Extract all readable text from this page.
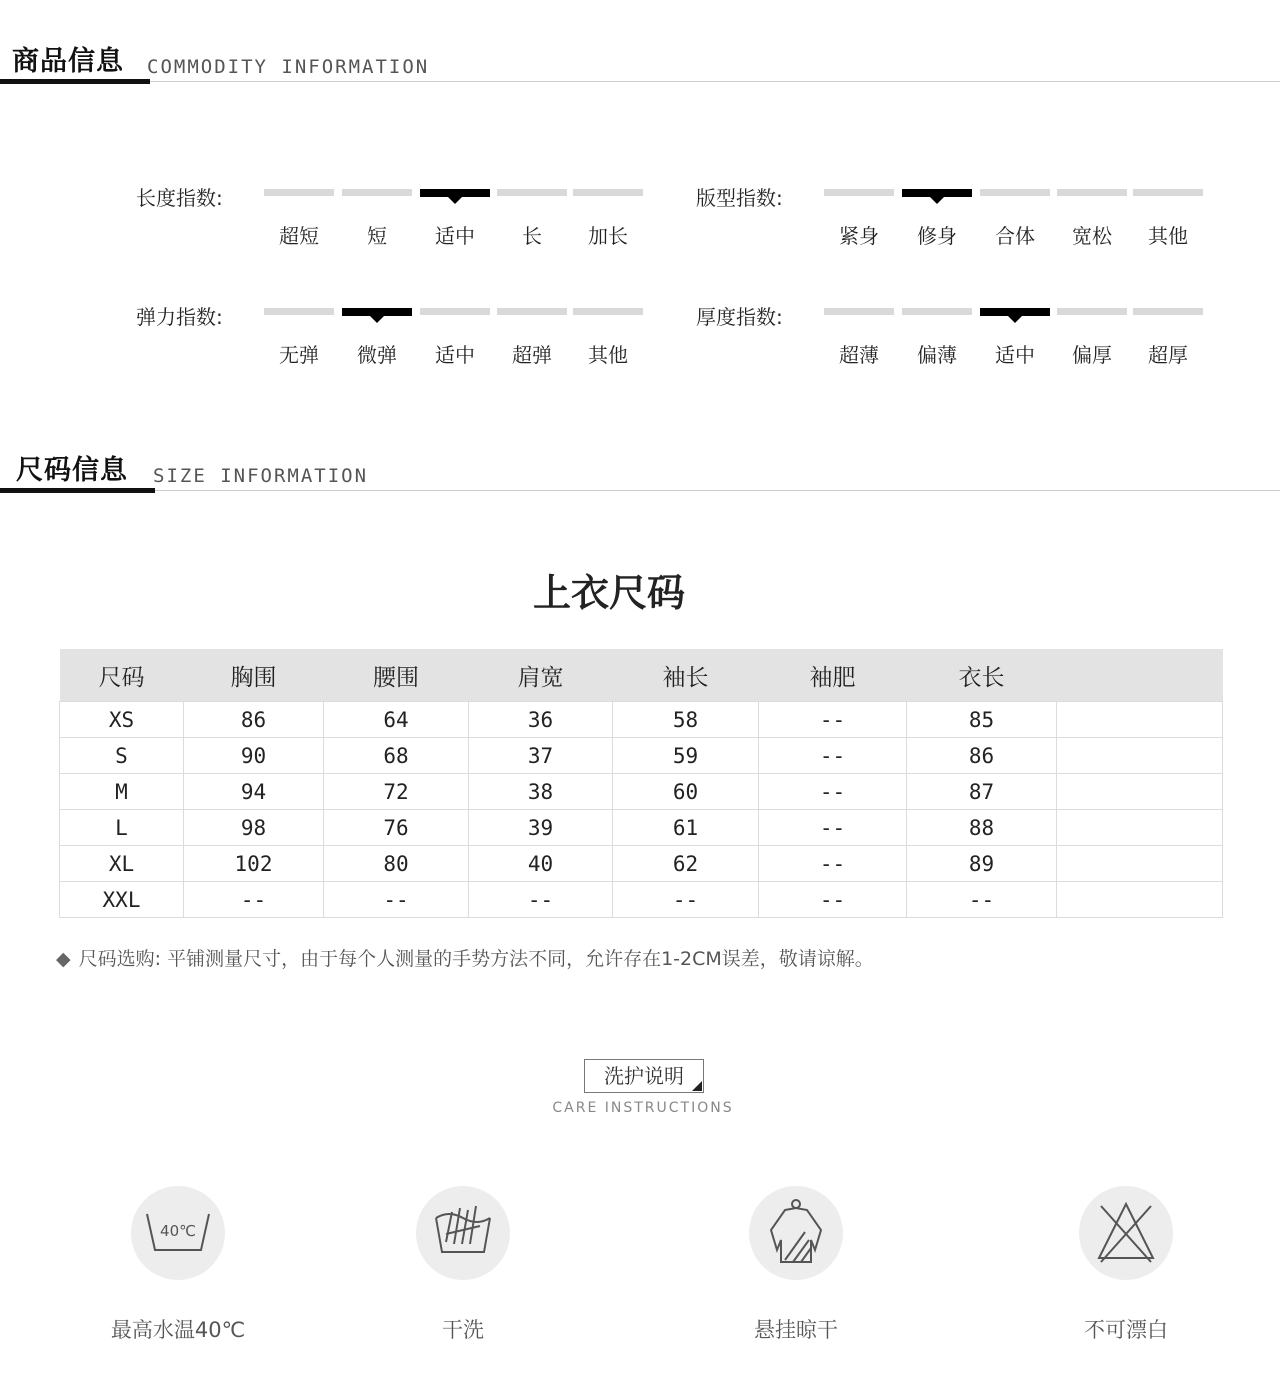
商品信息 COMMODITY INFORMATION
长度指数:
超短	短	适中	长	加长
版型指数:
紧身	修身	合体	宽松	其他
弹力指数:
无弹	微弹	适中	超弹	其他
厚度指数:
超薄	偏薄	适中	偏厚	超厚
尺码信息 SIZE INFORMATION
上衣尺码
尺码	胸围	腰围	肩宽	袖长	袖肥	衣长	
XS	86	64	36	58	--	85	
S	90	68	37	59	--	86	
M	94	72	38	60	--	87	
L	98	76	39	61	--	88	
XL	102	80	40	62	--	89	
XXL	--	--	--	--	--	--	
◆ 尺码选购: 平铺测量尺寸，由于每个人测量的手势方法不同，允许存在1-2CM误差，敬请谅解。
洗护说明
CARE INSTRUCTIONS
40℃
最高水温40℃	干洗	悬挂晾干	不可漂白
